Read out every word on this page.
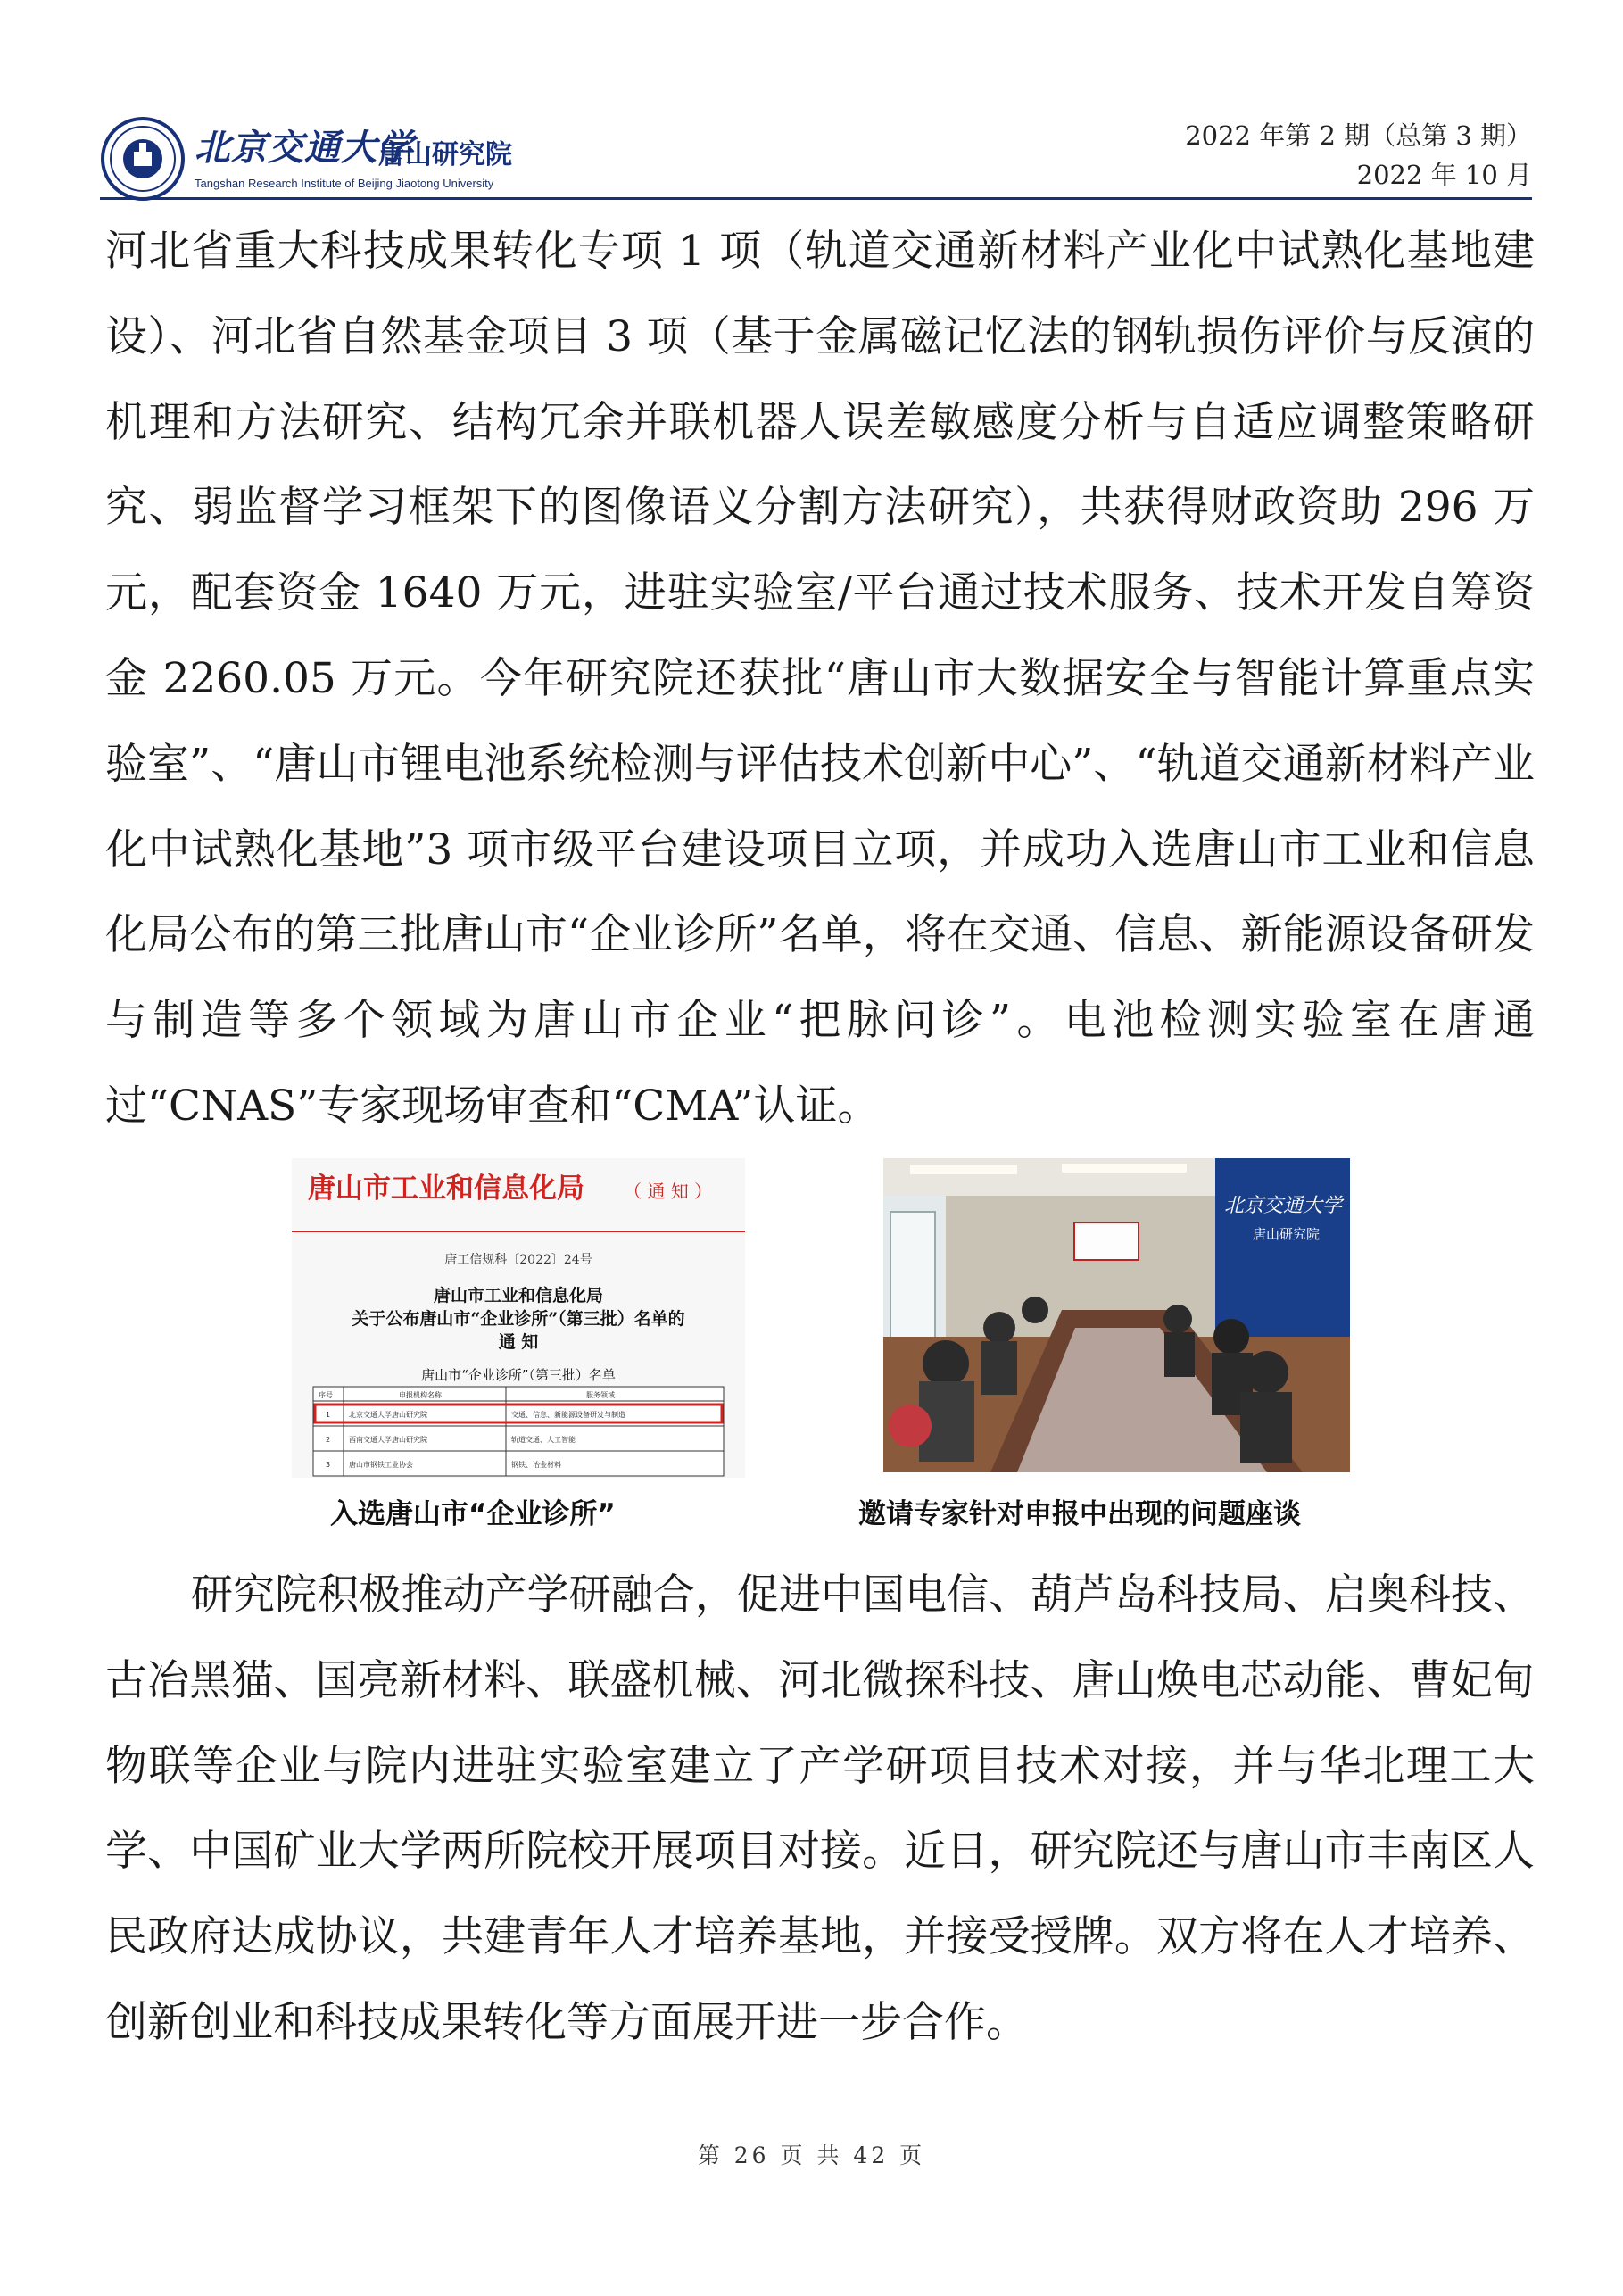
北京交通大学
唐山研究院
Tangshan Research Institute of Beijing Jiaotong University
2022 年第 2 期（总第 3 期）
2022 年 10 月

河北省重大科技成果转化专项 1 项（轨道交通新材料产业化中试熟化基地建设）、河北省自然基金项目 3 项（基于金属磁记忆法的钢轨损伤评价与反演的机理和方法研究、结构冗余并联机器人误差敏感度分析与自适应调整策略研究、弱监督学习框架下的图像语义分割方法研究），共获得财政资助 296 万元，配套资金 1640 万元，进驻实验室/平台通过技术服务、技术开发自筹资金 2260.05 万元。今年研究院还获批“唐山市大数据安全与智能计算重点实验室”、“唐山市锂电池系统检测与评估技术创新中心”、“轨道交通新材料产业化中试熟化基地”3 项市级平台建设项目立项，并成功入选唐山市工业和信息化局公布的第三批唐山市“企业诊所”名单，将在交通、信息、新能源设备研发与制造等多个领域为唐山市企业“把脉问诊”。电池检测实验室在唐通过“CNAS”专家现场审查和“CMA”认证。

唐山市工业和信息化局 （ 通 知 ）
唐工信规科〔2022〕24号
唐山市工业和信息化局
关于公布唐山市“企业诊所”（第三批）名单的
通 知
唐山市“企业诊所”（第三批）名单
序号	申报机构名称	服务领域
1	北京交通大学唐山研究院	交通、信息、新能源设备研发与制造
2	西南交通大学唐山研究院	轨道交通、人工智能
3	唐山市钢铁工业协会	钢铁、冶金材料
入选唐山市“企业诊所”
北京交通大学
唐山研究院
邀请专家针对申报中出现的问题座谈

研究院积极推动产学研融合，促进中国电信、葫芦岛科技局、启奥科技、古冶黑猫、国亮新材料、联盛机械、河北微探科技、唐山焕电芯动能、曹妃甸物联等企业与院内进驻实验室建立了产学研项目技术对接，并与华北理工大学、中国矿业大学两所院校开展项目对接。近日，研究院还与唐山市丰南区人民政府达成协议，共建青年人才培养基地，并接受授牌。双方将在人才培养、创新创业和科技成果转化等方面展开进一步合作。

第 26 页 共 42 页
